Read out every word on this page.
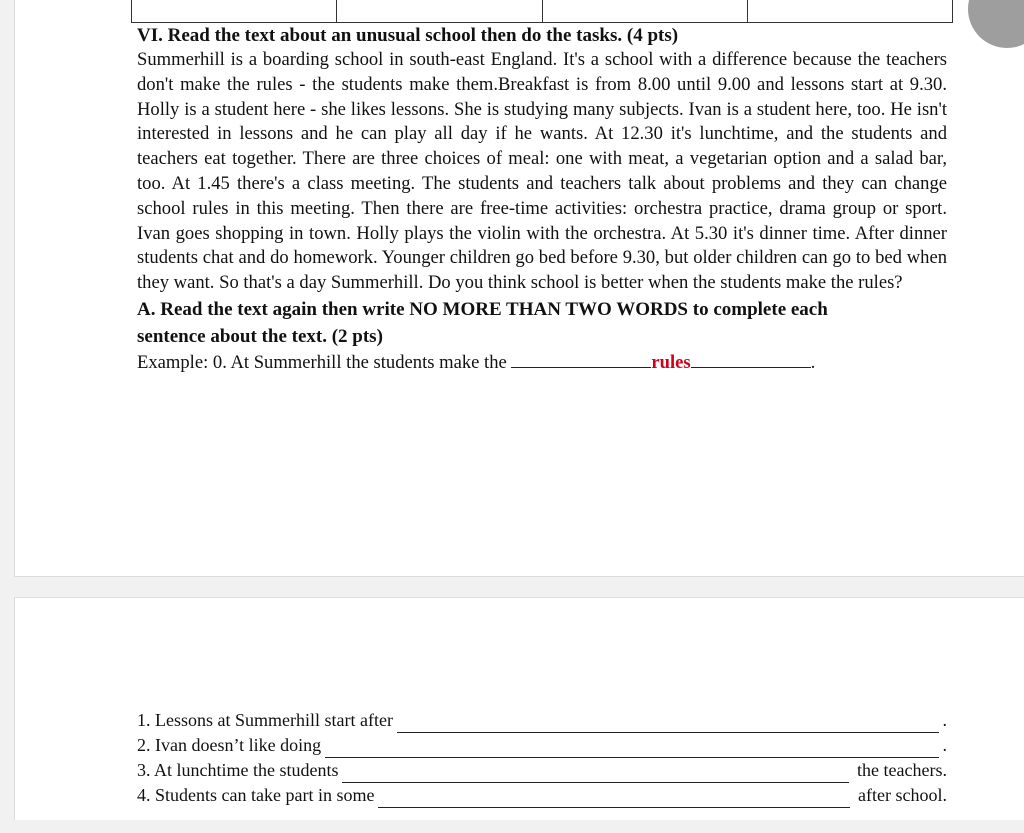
VI. Read the text about an unusual school then do the tasks. (4 pts)

Summerhill is a boarding school in south-east England. It's a school with a difference because the teachers don't make the rules - the students make them.Breakfast is from 8.00 until 9.00 and lessons start at 9.30. Holly is a student here - she likes lessons. She is studying many subjects. Ivan is a student here, too. He isn't interested in lessons and he can play all day if he wants. At 12.30 it's lunchtime, and the students and teachers eat together. There are three choices of meal: one with meat, a vegetarian option and a salad bar, too. At 1.45 there's a class meeting. The students and teachers talk about problems and they can change school rules in this meeting. Then there are free-time activities: orchestra practice, drama group or sport. Ivan goes shopping in town. Holly plays the violin with the orchestra. At 5.30 it's dinner time. After dinner students chat and do homework. Younger children go bed before 9.30, but older children can go to bed when they want. So that's a day Summerhill. Do you think school is better when the students make the rules?

A. Read the text again then write NO MORE THAN TWO WORDS to complete each

sentence about the text. (2 pts)

Example: 0. At Summerhill the students make the	rules	.

1. Lessons at Summerhill start after	.
2. Ivan doesn’t like doing	.
3. At lunchtime the students	the teachers.
4. Students can take part in some	after school.
